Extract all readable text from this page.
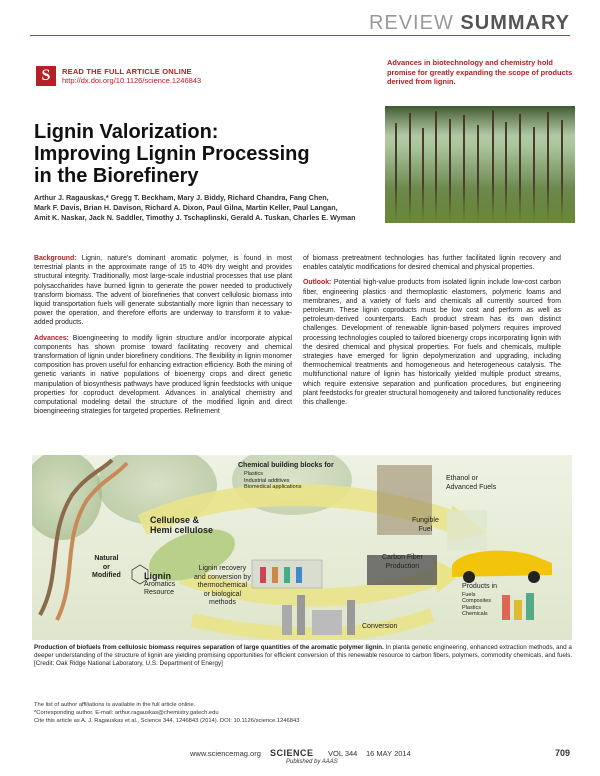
REVIEW SUMMARY
S	READ THE FULL ARTICLE ONLINE
http://dx.doi.org/10.1126/science.1246843
Advances in biotechnology and chemistry hold promise for greatly expanding the scope of products derived from lignin.
Lignin Valorization:
Improving Lignin Processing
in the Biorefinery
Arthur J. Ragauskas,* Gregg T. Beckham, Mary J. Biddy, Richard Chandra, Fang Chen,
Mark F. Davis, Brian H. Davison, Richard A. Dixon, Paul Gilna, Martin Keller, Paul Langan,
Amit K. Naskar, Jack N. Saddler, Timothy J. Tschaplinski, Gerald A. Tuskan, Charles E. Wyman

Background: Lignin, nature’s dominant aromatic polymer, is found in most terrestrial plants in the approximate range of 15 to 40% dry weight and provides structural integrity. Traditionally, most large-scale industrial processes that use plant polysaccharides have burned lignin to generate the power needed to productively transform biomass. The advent of biorefineries that convert cellulosic biomass into liquid transportation fuels will generate substantially more lignin than necessary to power the operation, and therefore efforts are underway to transform it to value-added products.

Advances: Bioengineering to modify lignin structure and/or incorporate atypical components has shown promise toward facilitating recovery and chemical transformation of lignin under biorefinery conditions. The flexibility in lignin monomer composition has proven useful for enhancing extraction efficiency. Both the mining of genetic variants in native populations of bioenergy crops and direct genetic manipulation of biosynthesis pathways have produced lignin feedstocks with unique properties for coproduct development. Advances in analytical chemistry and computational modeling detail the structure of the modified lignin and direct bioengineering strategies for targeted properties. Refinement

of biomass pretreatment technologies has further facilitated lignin recovery and enables catalytic modifications for desired chemical and physical properties.

Outlook: Potential high-value products from isolated lignin include low-cost carbon fiber, engineering plastics and thermoplastic elastomers, polymeric foams and membranes, and a variety of fuels and chemicals all currently sourced from petroleum. These lignin coproducts must be low cost and perform as well as petroleum-derived counterparts. Each product stream has its own distinct challenges. Development of renewable lignin-based polymers requires improved processing technologies coupled to tailored bioenergy crops incorporating lignin with the desired chemical and physical properties. For fuels and chemicals, multiple strategies have emerged for lignin depolymerization and upgrading, including thermochemical treatments and homogeneous and heterogeneous catalysis. The multifunctional nature of lignin has historically yielded multiple product streams, which require extensive separation and purification procedures, but engineering plant feedstocks for greater structural homogeneity and tailored functionality reduces this challenge.

Chemical building blocks for
Plastics
Industrial additives
Biomedical applications
Cellulose &
Hemi cellulose
Natural
or
Modified	Lignin
Aromatics
Resource
Lignin recovery
and conversion by
thermochemical
or biological
methods
Ethanol or
Advanced Fuels
Fungible
Fuel
Carbon Fiber
Production
Products in
Fuels
Composites
Plastics
Chemicals
Conversion
Production of biofuels from cellulosic biomass requires separation of large quantities of the aromatic polymer lignin. In planta genetic engineering, enhanced extraction methods, and a deeper understanding of the structure of lignin are yielding promising opportunities for efficient conversion of this renewable resource to carbon fibers, polymers, commodity chemicals, and fuels. [Credit: Oak Ridge National Laboratory, U.S. Department of Energy]
The list of author affiliations is available in the full article online.
*Corresponding author. E-mail: arthur.ragauskas@chemistry.gatech.edu
Cite this article as A. J. Ragauskas et al., Science 344, 1246843 (2014). DOI: 10.1126/science.1246843
www.sciencemag.org SCIENCE VOL 344 16 MAY 2014	709
Published by AAAS
